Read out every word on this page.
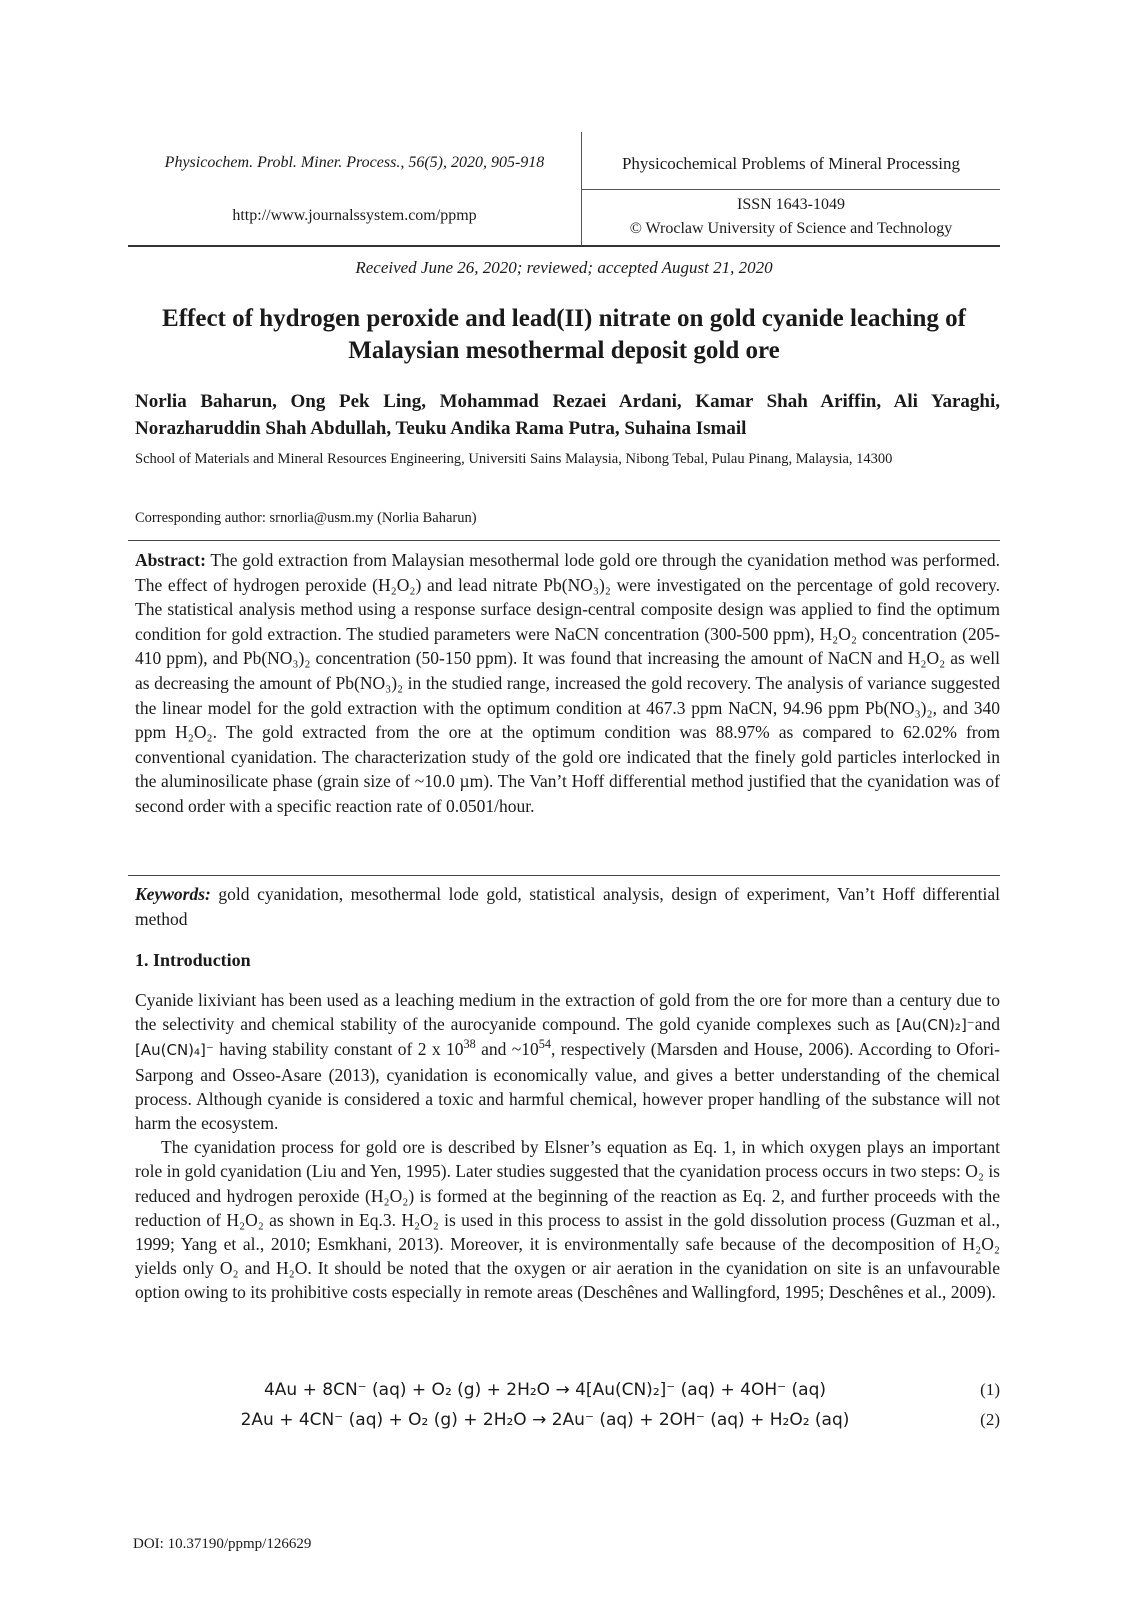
Physicochem. Probl. Miner. Process., 56(5), 2020, 905-918
http://www.journalssystem.com/ppmp
Physicochemical Problems of Mineral Processing
ISSN 1643-1049
© Wroclaw University of Science and Technology
Received June 26, 2020; reviewed; accepted August 21, 2020
Effect of hydrogen peroxide and lead(II) nitrate on gold cyanide leaching of Malaysian mesothermal deposit gold ore
Norlia Baharun, Ong Pek Ling, Mohammad Rezaei Ardani, Kamar Shah Ariffin, Ali Yaraghi, Norazharuddin Shah Abdullah, Teuku Andika Rama Putra, Suhaina Ismail
School of Materials and Mineral Resources Engineering, Universiti Sains Malaysia, Nibong Tebal, Pulau Pinang, Malaysia, 14300
Corresponding author: srnorlia@usm.my (Norlia Baharun)
Abstract: The gold extraction from Malaysian mesothermal lode gold ore through the cyanidation method was performed. The effect of hydrogen peroxide (H₂O₂) and lead nitrate Pb(NO₃)₂ were investigated on the percentage of gold recovery. The statistical analysis method using a response surface design-central composite design was applied to find the optimum condition for gold extraction. The studied parameters were NaCN concentration (300-500 ppm), H₂O₂ concentration (205-410 ppm), and Pb(NO₃)₂ concentration (50-150 ppm). It was found that increasing the amount of NaCN and H₂O₂ as well as decreasing the amount of Pb(NO₃)₂ in the studied range, increased the gold recovery. The analysis of variance suggested the linear model for the gold extraction with the optimum condition at 467.3 ppm NaCN, 94.96 ppm Pb(NO₃)₂, and 340 ppm H₂O₂. The gold extracted from the ore at the optimum condition was 88.97% as compared to 62.02% from conventional cyanidation. The characterization study of the gold ore indicated that the finely gold particles interlocked in the aluminosilicate phase (grain size of ~10.0 µm). The Van’t Hoff differential method justified that the cyanidation was of second order with a specific reaction rate of 0.0501/hour.
Keywords: gold cyanidation, mesothermal lode gold, statistical analysis, design of experiment, Van’t Hoff differential method
1. Introduction

Cyanide lixiviant has been used as a leaching medium in the extraction of gold from the ore for more than a century due to the selectivity and chemical stability of the aurocyanide compound. The gold cyanide complexes such as [Au(CN)₂]⁻and [Au(CN)₄]⁻ having stability constant of 2 x $10^{38}$ and $\sim 10^{54}$, respectively (Marsden and House, 2006). According to Ofori-Sarpong and Osseo-Asare (2013), cyanidation is economically value, and gives a better understanding of the chemical process. Although cyanide is considered a toxic and harmful chemical, however proper handling of the substance will not harm the ecosystem.

The cyanidation process for gold ore is described by Elsner’s equation as Eq. 1, in which oxygen plays an important role in gold cyanidation (Liu and Yen, 1995). Later studies suggested that the cyanidation process occurs in two steps: O₂ is reduced and hydrogen peroxide (H₂O₂) is formed at the beginning of the reaction as Eq. 2, and further proceeds with the reduction of H₂O₂ as shown in Eq.3. H₂O₂ is used in this process to assist in the gold dissolution process (Guzman et al., 1999; Yang et al., 2010; Esmkhani, 2013). Moreover, it is environmentally safe because of the decomposition of H₂O₂ yields only O₂ and H₂O. It should be noted that the oxygen or air aeration in the cyanidation on site is an unfavourable option owing to its prohibitive costs especially in remote areas (Deschênes and Wallingford, 1995; Deschênes et al., 2009).

4Au + 8CN⁻ (aq) + O₂ (g) + 2H₂O → 4[Au(CN)₂]⁻ (aq) + 4OH⁻ (aq)	(1)
2Au + 4CN⁻ (aq) + O₂ (g) + 2H₂O → 2Au⁻ (aq) + 2OH⁻ (aq) + H₂O₂ (aq)	(2)
DOI: 10.37190/ppmp/126629
